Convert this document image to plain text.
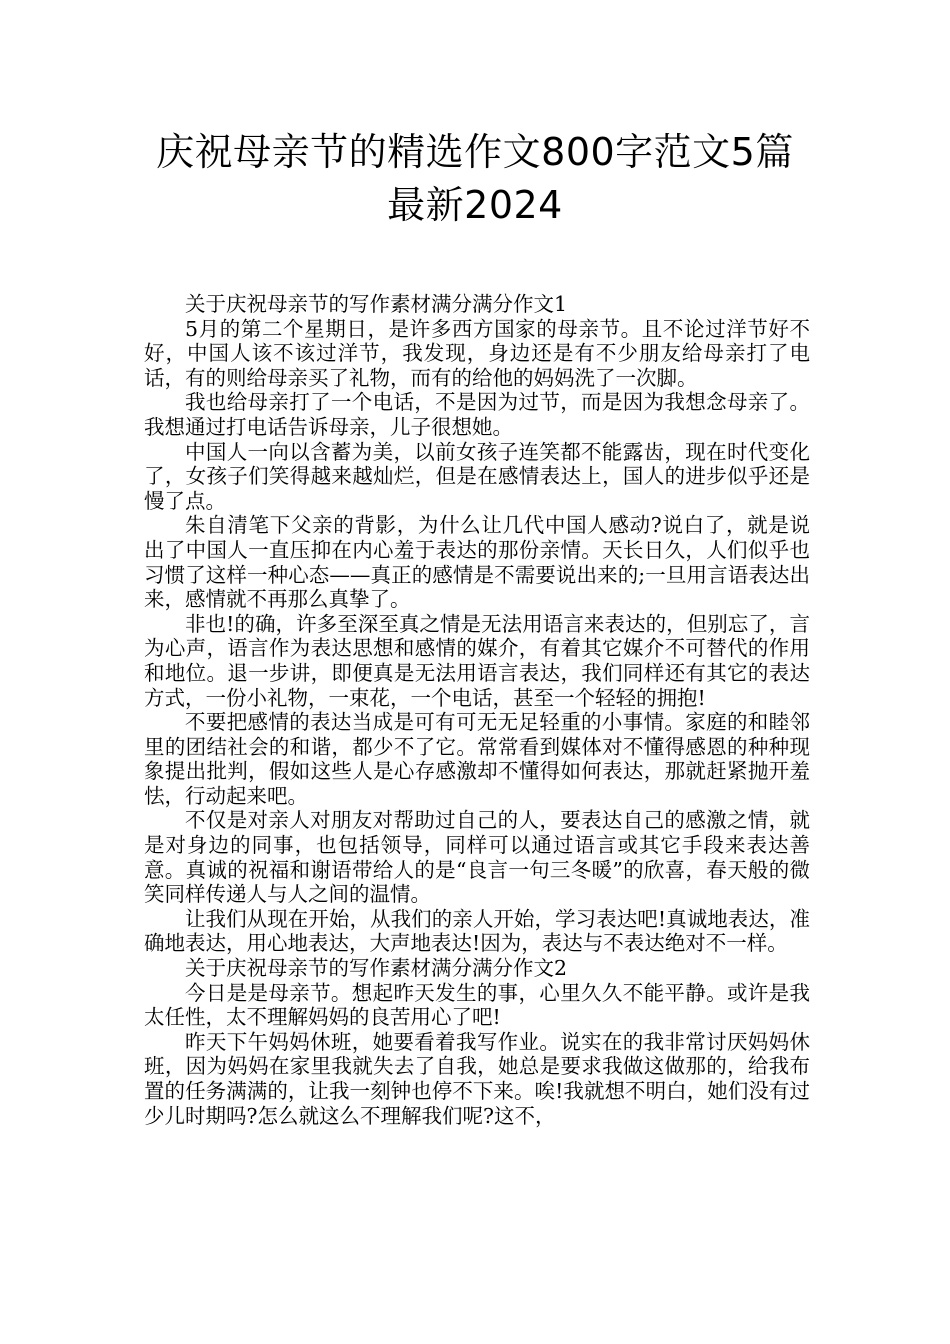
庆祝母亲节的精选作文800字范文5篇
最新2024

关于庆祝母亲节的写作素材满分满分作文1

5月的第二个星期日，是许多西方国家的母亲节。且不论过洋节好不好，中国人该不该过洋节，我发现，身边还是有不少朋友给母亲打了电话，有的则给母亲买了礼物，而有的给他的妈妈洗了一次脚。

我也给母亲打了一个电话，不是因为过节，而是因为我想念母亲了。我想通过打电话告诉母亲，儿子很想她。

中国人一向以含蓄为美，以前女孩子连笑都不能露齿，现在时代变化了，女孩子们笑得越来越灿烂，但是在感情表达上，国人的进步似乎还是慢了点。

朱自清笔下父亲的背影，为什么让几代中国人感动?说白了，就是说出了中国人一直压抑在内心羞于表达的那份亲情。天长日久，人们似乎也习惯了这样一种心态——真正的感情是不需要说出来的;一旦用言语表达出来，感情就不再那么真挚了。

非也!的确，许多至深至真之情是无法用语言来表达的，但别忘了，言为心声，语言作为表达思想和感情的媒介，有着其它媒介不可替代的作用和地位。退一步讲，即便真是无法用语言表达，我们同样还有其它的表达方式，一份小礼物，一束花，一个电话，甚至一个轻轻的拥抱!

不要把感情的表达当成是可有可无无足轻重的小事情。家庭的和睦邻里的团结社会的和谐，都少不了它。常常看到媒体对不懂得感恩的种种现象提出批判，假如这些人是心存感激却不懂得如何表达，那就赶紧抛开羞怯，行动起来吧。

不仅是对亲人对朋友对帮助过自己的人，要表达自己的感激之情，就是对身边的同事，也包括领导，同样可以通过语言或其它手段来表达善意。真诚的祝福和谢语带给人的是“良言一句三冬暖”的欣喜，春天般的微笑同样传递人与人之间的温情。

让我们从现在开始，从我们的亲人开始，学习表达吧!真诚地表达，准确地表达，用心地表达，大声地表达!因为，表达与不表达绝对不一样。

关于庆祝母亲节的写作素材满分满分作文2

今日是是母亲节。想起昨天发生的事，心里久久不能平静。或许是我太任性，太不理解妈妈的良苦用心了吧!

昨天下午妈妈休班，她要看着我写作业。说实在的我非常讨厌妈妈休班，因为妈妈在家里我就失去了自我，她总是要求我做这做那的，给我布置的任务满满的，让我一刻钟也停不下来。唉!我就想不明白，她们没有过少儿时期吗?怎么就这么不理解我们呢?这不，
